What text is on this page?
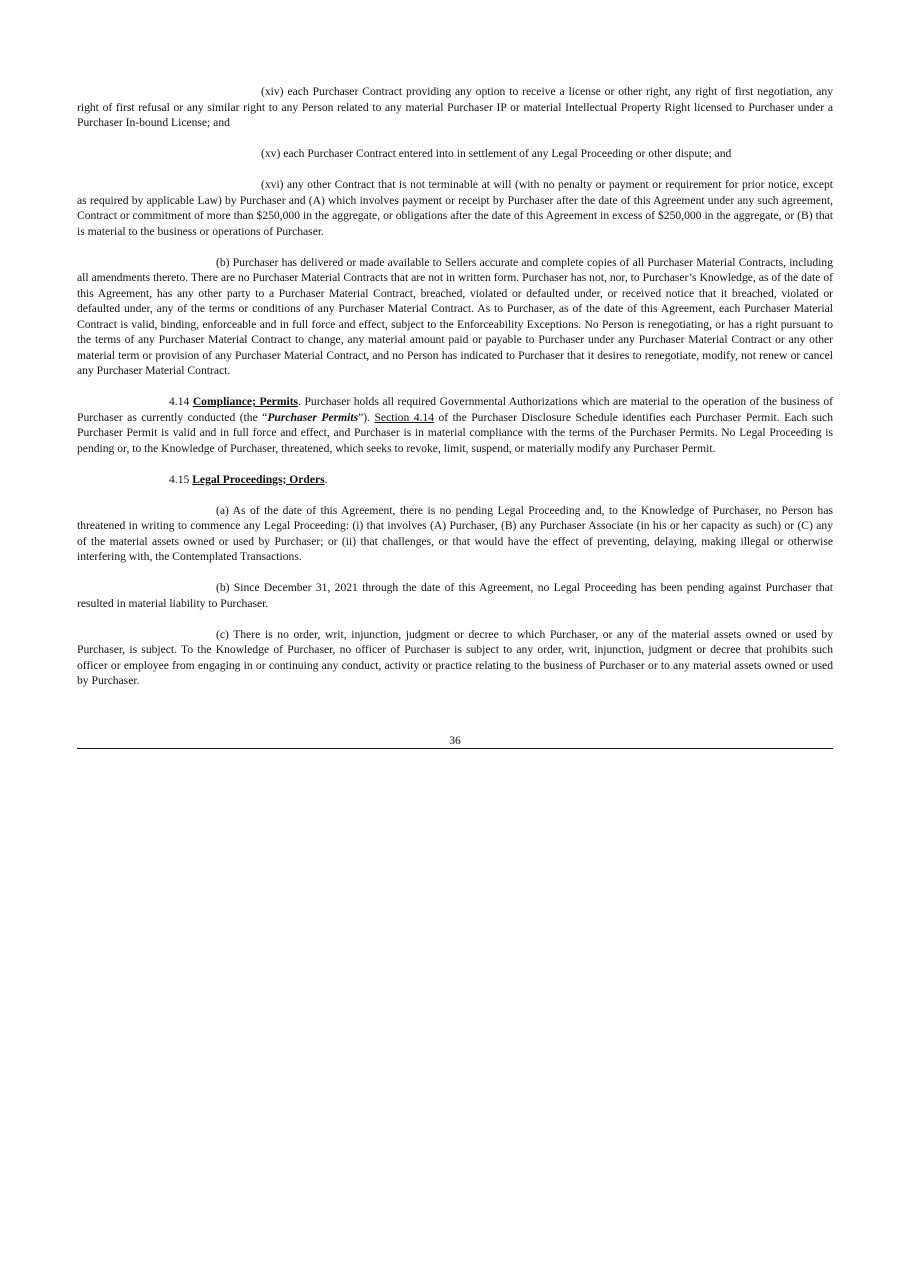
(xiv) each Purchaser Contract providing any option to receive a license or other right, any right of first negotiation, any right of first refusal or any similar right to any Person related to any material Purchaser IP or material Intellectual Property Right licensed to Purchaser under a Purchaser In-bound License; and

(xv) each Purchaser Contract entered into in settlement of any Legal Proceeding or other dispute; and

(xvi) any other Contract that is not terminable at will (with no penalty or payment or requirement for prior notice, except as required by applicable Law) by Purchaser and (A) which involves payment or receipt by Purchaser after the date of this Agreement under any such agreement, Contract or commitment of more than $250,000 in the aggregate, or obligations after the date of this Agreement in excess of $250,000 in the aggregate, or (B) that is material to the business or operations of Purchaser.

(b) Purchaser has delivered or made available to Sellers accurate and complete copies of all Purchaser Material Contracts, including all amendments thereto. There are no Purchaser Material Contracts that are not in written form. Purchaser has not, nor, to Purchaser’s Knowledge, as of the date of this Agreement, has any other party to a Purchaser Material Contract, breached, violated or defaulted under, or received notice that it breached, violated or defaulted under, any of the terms or conditions of any Purchaser Material Contract. As to Purchaser, as of the date of this Agreement, each Purchaser Material Contract is valid, binding, enforceable and in full force and effect, subject to the Enforceability Exceptions. No Person is renegotiating, or has a right pursuant to the terms of any Purchaser Material Contract to change, any material amount paid or payable to Purchaser under any Purchaser Material Contract or any other material term or provision of any Purchaser Material Contract, and no Person has indicated to Purchaser that it desires to renegotiate, modify, not renew or cancel any Purchaser Material Contract.

4.14 Compliance; Permits. Purchaser holds all required Governmental Authorizations which are material to the operation of the business of Purchaser as currently conducted (the “Purchaser Permits”). Section 4.14 of the Purchaser Disclosure Schedule identifies each Purchaser Permit. Each such Purchaser Permit is valid and in full force and effect, and Purchaser is in material compliance with the terms of the Purchaser Permits. No Legal Proceeding is pending or, to the Knowledge of Purchaser, threatened, which seeks to revoke, limit, suspend, or materially modify any Purchaser Permit.

4.15 Legal Proceedings; Orders.

(a) As of the date of this Agreement, there is no pending Legal Proceeding and, to the Knowledge of Purchaser, no Person has threatened in writing to commence any Legal Proceeding: (i) that involves (A) Purchaser, (B) any Purchaser Associate (in his or her capacity as such) or (C) any of the material assets owned or used by Purchaser; or (ii) that challenges, or that would have the effect of preventing, delaying, making illegal or otherwise interfering with, the Contemplated Transactions.

(b) Since December 31, 2021 through the date of this Agreement, no Legal Proceeding has been pending against Purchaser that resulted in material liability to Purchaser.

(c) There is no order, writ, injunction, judgment or decree to which Purchaser, or any of the material assets owned or used by Purchaser, is subject. To the Knowledge of Purchaser, no officer of Purchaser is subject to any order, writ, injunction, judgment or decree that prohibits such officer or employee from engaging in or continuing any conduct, activity or practice relating to the business of Purchaser or to any material assets owned or used by Purchaser.

36
